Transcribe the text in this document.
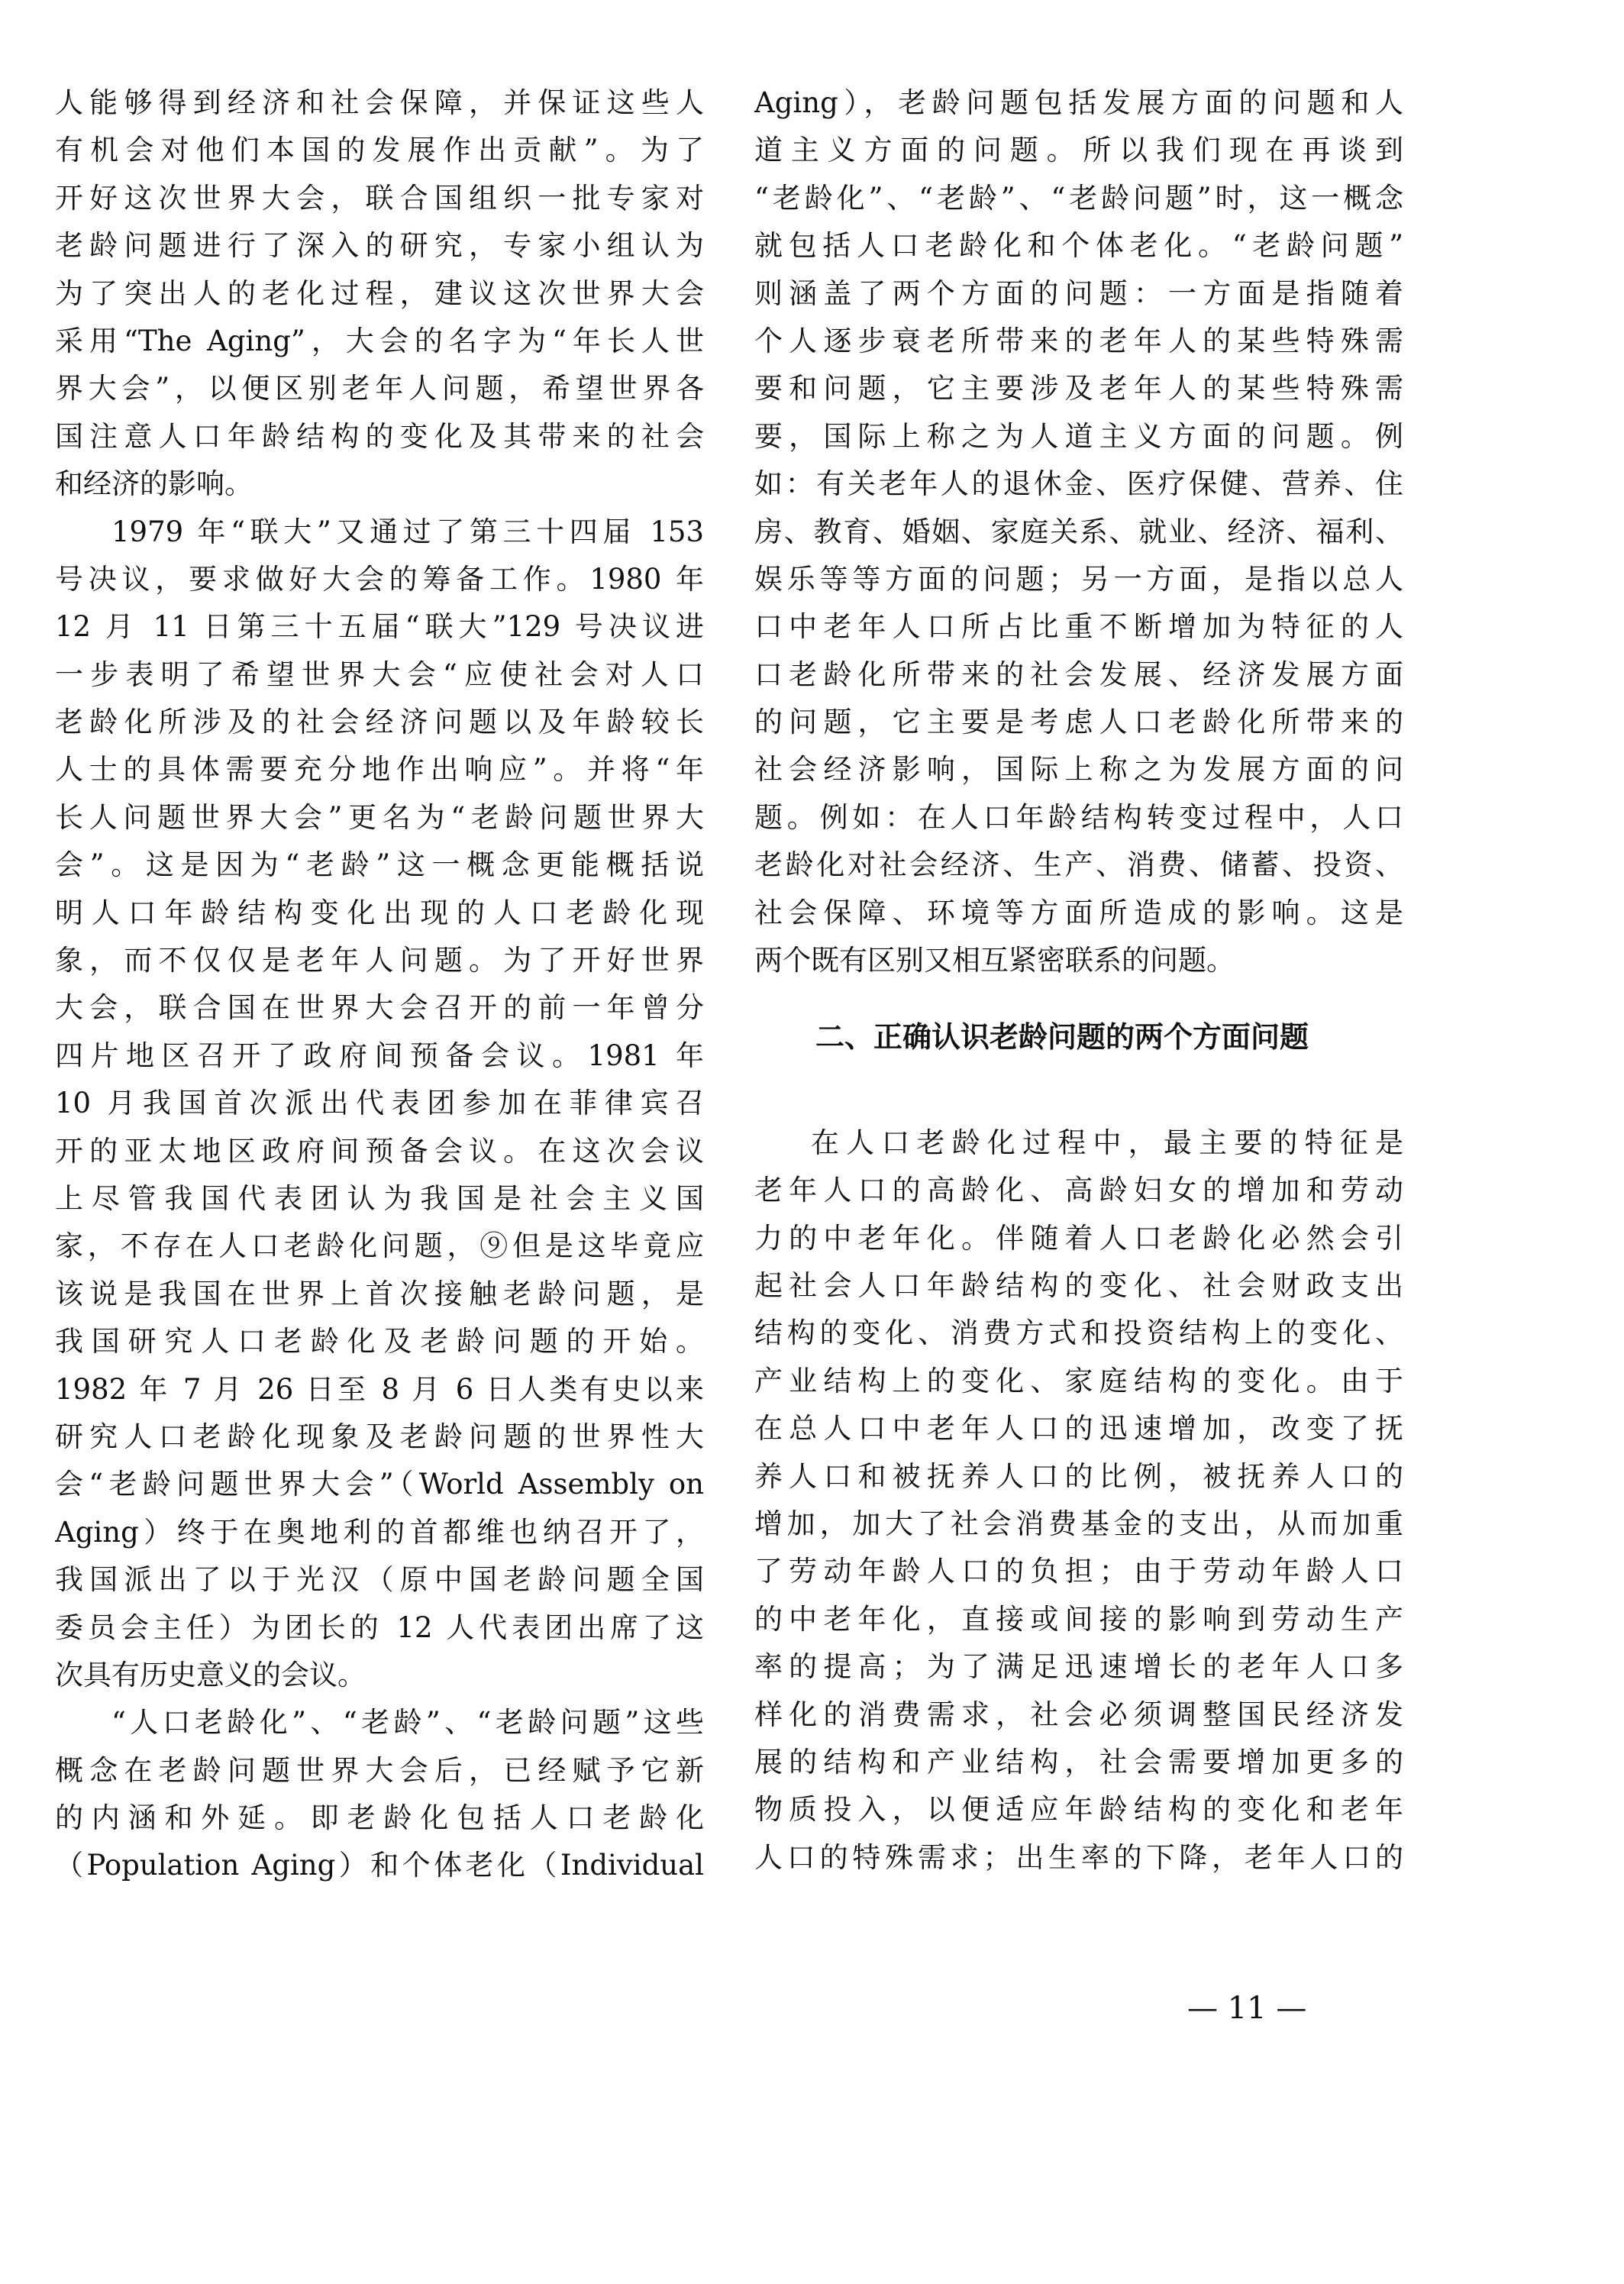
人能够得到经济和社会保障，并保证这些人
有机会对他们本国的发展作出贡献”。为了
开好这次世界大会，联合国组织一批专家对
老龄问题进行了深入的研究，专家小组认为
为了突出人的老化过程，建议这次世界大会
采用“The Aging”，大会的名字为“年长人世
界大会”，以便区别老年人问题，希望世界各
国注意人口年龄结构的变化及其带来的社会
和经济的影响。
1979 年“联大”又通过了第三十四届 153
号决议，要求做好大会的筹备工作。1980 年
12 月 11 日第三十五届“联大”129 号决议进
一步表明了希望世界大会“应使社会对人口
老龄化所涉及的社会经济问题以及年龄较长
人士的具体需要充分地作出响应”。并将“年
长人问题世界大会”更名为“老龄问题世界大
会”。这是因为“老龄”这一概念更能概括说
明人口年龄结构变化出现的人口老龄化现
象，而不仅仅是老年人问题。为了开好世界
大会，联合国在世界大会召开的前一年曾分
四片地区召开了政府间预备会议。1981 年
10 月我国首次派出代表团参加在菲律宾召
开的亚太地区政府间预备会议。在这次会议
上尽管我国代表团认为我国是社会主义国
家，不存在人口老龄化问题，⑨但是这毕竟应
该说是我国在世界上首次接触老龄问题，是
我国研究人口老龄化及老龄问题的开始。
1982 年 7 月 26 日至 8 月 6 日人类有史以来
研究人口老龄化现象及老龄问题的世界性大
会“老龄问题世界大会”（World Assembly on
Aging）终于在奥地利的首都维也纳召开了，
我国派出了以于光汉（原中国老龄问题全国
委员会主任）为团长的 12 人代表团出席了这
次具有历史意义的会议。
“人口老龄化”、“老龄”、“老龄问题”这些
概念在老龄问题世界大会后，已经赋予它新
的内涵和外延。即老龄化包括人口老龄化
（Population Aging）和个体老化（Individual
Aging），老龄问题包括发展方面的问题和人
道主义方面的问题。所以我们现在再谈到
“老龄化”、“老龄”、“老龄问题”时，这一概念
就包括人口老龄化和个体老化。“老龄问题”
则涵盖了两个方面的问题：一方面是指随着
个人逐步衰老所带来的老年人的某些特殊需
要和问题，它主要涉及老年人的某些特殊需
要，国际上称之为人道主义方面的问题。例
如：有关老年人的退休金、医疗保健、营养、住
房、教育、婚姻、家庭关系、就业、经济、福利、
娱乐等等方面的问题；另一方面，是指以总人
口中老年人口所占比重不断增加为特征的人
口老龄化所带来的社会发展、经济发展方面
的问题，它主要是考虑人口老龄化所带来的
社会经济影响，国际上称之为发展方面的问
题。例如：在人口年龄结构转变过程中，人口
老龄化对社会经济、生产、消费、储蓄、投资、
社会保障、环境等方面所造成的影响。这是
两个既有区别又相互紧密联系的问题。
二、正确认识老龄问题的两个方面问题
在人口老龄化过程中，最主要的特征是
老年人口的高龄化、高龄妇女的增加和劳动
力的中老年化。伴随着人口老龄化必然会引
起社会人口年龄结构的变化、社会财政支出
结构的变化、消费方式和投资结构上的变化、
产业结构上的变化、家庭结构的变化。由于
在总人口中老年人口的迅速增加，改变了抚
养人口和被抚养人口的比例，被抚养人口的
增加，加大了社会消费基金的支出，从而加重
了劳动年龄人口的负担；由于劳动年龄人口
的中老年化，直接或间接的影响到劳动生产
率的提高；为了满足迅速增长的老年人口多
样化的消费需求，社会必须调整国民经济发
展的结构和产业结构，社会需要增加更多的
物质投入，以便适应年龄结构的变化和老年
人口的特殊需求；出生率的下降，老年人口的
— 11 —
